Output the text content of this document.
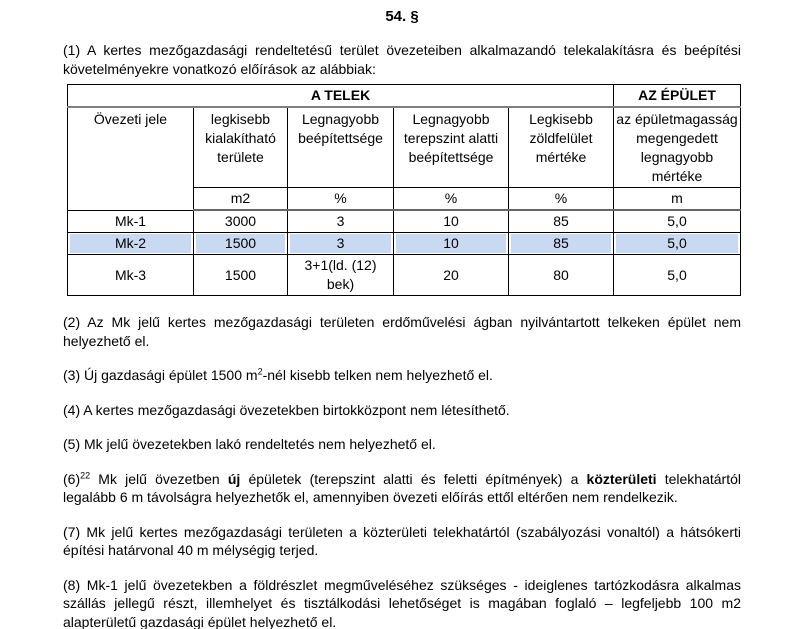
54. §

(1) A kertes mezőgazdasági rendeltetésű terület övezeteiben alkalmazandó telekalakításra és beépítési követelményekre vonatkozó előírások az alábbiak:

A TELEK					AZ ÉPÜLET
Övezeti jele	legkisebb kialakítható területe	Legnagyobb beépítettsége	Legnagyobb terepszint alatti beépítettsége	Legkisebb zöldfelület mértéke	az épületmagasság megengedett legnagyobb mértéke
	m2	%	%	%	m
Mk-1	3000	3	10	85	5,0
Mk-2	1500	3	10	85	5,0
Mk-3	1500	3+1(ld. (12) bek)	20	80	5,0

(2) Az Mk jelű kertes mezőgazdasági területen erdőművelési ágban nyilvántartott telkeken épület nem helyezhető el.

(3) Új gazdasági épület 1500 $m^2$-nél kisebb telken nem helyezhető el.

(4) A kertes mezőgazdasági övezetekben birtokközpont nem létesíthető.

(5) Mk jelű övezetekben lakó rendeltetés nem helyezhető el.

$(6)^{22}$ Mk jelű övezetben új épületek (terepszint alatti és feletti építmények) a közterületi telekhatártól legalább 6 m távolságra helyezhetők el, amennyiben övezeti előírás ettől eltérően nem rendelkezik.

(7) Mk jelű kertes mezőgazdasági területen a közterületi telekhatártól (szabályozási vonaltól) a hátsókerti építési határvonal 40 m mélységig terjed.

(8) Mk-1 jelű övezetekben a földrészlet megműveléséhez szükséges - ideiglenes tartózkodásra alkalmas szállás jellegű részt, illemhelyet és tisztálkodási lehetőséget is magában foglaló – legfeljebb 100 m2 alapterületű gazdasági épület helyezhető el.
